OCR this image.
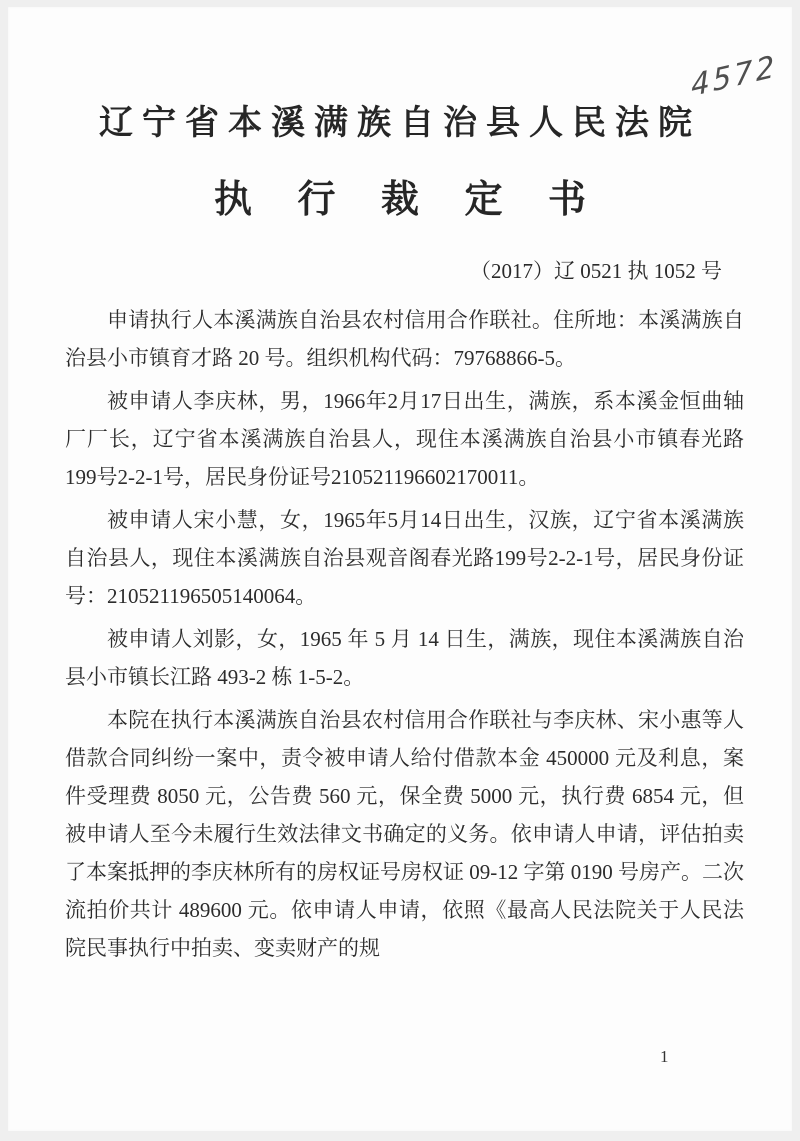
4572
辽宁省本溪满族自治县人民法院
执 行 裁 定 书
（2017）辽 0521 执 1052 号

申请执行人本溪满族自治县农村信用合作联社。住所地：本溪满族自治县小市镇育才路 20 号。组织机构代码：79768866-5。

被申请人李庆林，男，1966年2月17日出生，满族，系本溪金恒曲轴厂厂长，辽宁省本溪满族自治县人，现住本溪满族自治县小市镇春光路199号2-2-1号，居民身份证号210521196602170011。

被申请人宋小慧，女，1965年5月14日出生，汉族，辽宁省本溪满族自治县人，现住本溪满族自治县观音阁春光路199号2-2-1号，居民身份证号：210521196505140064。

被申请人刘影，女，1965 年 5 月 14 日生，满族，现住本溪满族自治县小市镇长江路 493-2 栋 1-5-2。

本院在执行本溪满族自治县农村信用合作联社与李庆林、宋小惠等人借款合同纠纷一案中，责令被申请人给付借款本金 450000 元及利息，案件受理费 8050 元，公告费 560 元，保全费 5000 元，执行费 6854 元，但被申请人至今未履行生效法律文书确定的义务。依申请人申请，评估拍卖了本案抵押的李庆林所有的房权证号房权证 09-12 字第 0190 号房产。二次流拍价共计 489600 元。依申请人申请，依照《最高人民法院关于人民法院民事执行中拍卖、变卖财产的规

1
